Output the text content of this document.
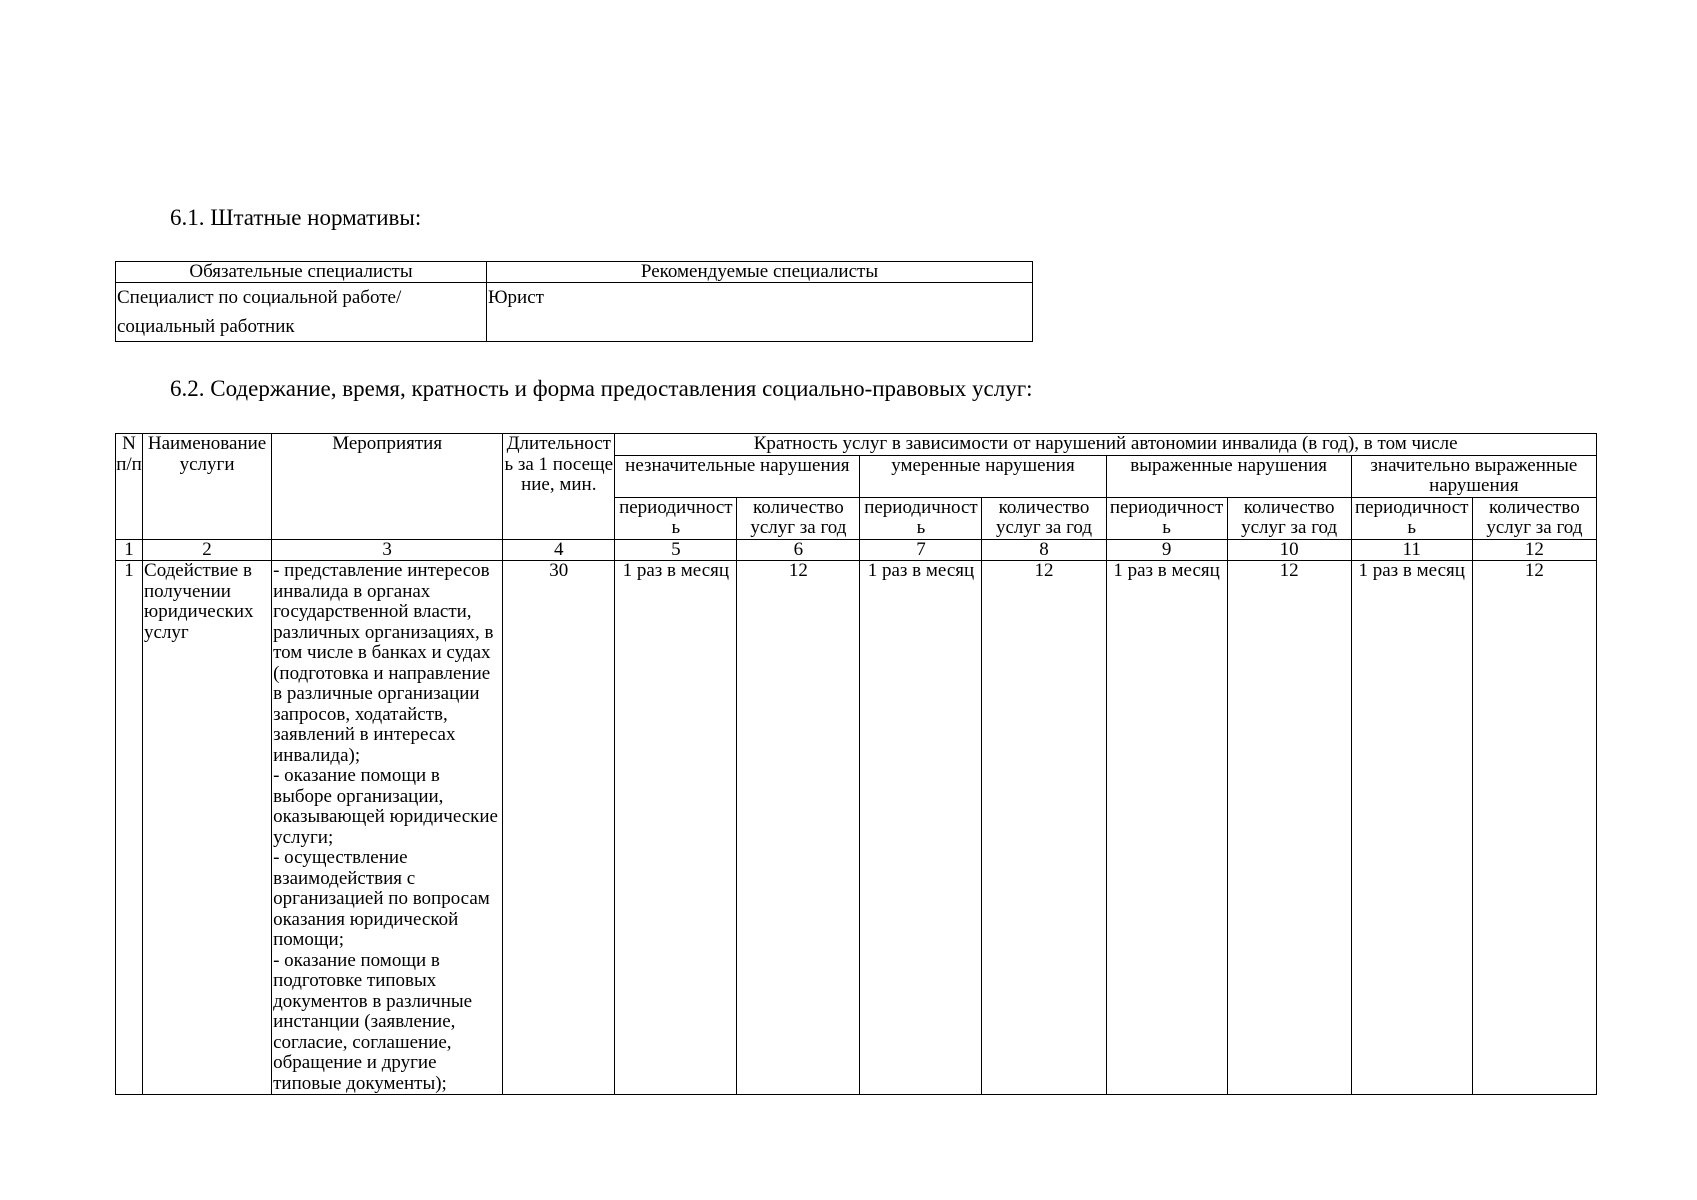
6.1. Штатные нормативы:
Обязательные специалисты	Рекомендуемые специалисты
Специалист по социальной работе/социальный работник	Юрист
6.2. Содержание, время, кратность и форма предоставления социально-правовых услуг:
N п/п	Наименование услуги	Мероприятия	Длительность за 1 посещение, мин.	Кратность услуг в зависимости от нарушений автономии инвалида (в год), в том числе							
				незначительные нарушения		умеренные нарушения		выраженные нарушения		значительно выраженные нарушения	
				периодичность	количество услуг за год	периодичность	количество услуг за год	периодичность	количество услуг за год	периодичность	количество услуг за год
1	2	3	4	5	6	7	8	9	10	11	12
1	Содействие в получении юридических услуг	- представление интересов инвалида в органах государственной власти, различных организациях, в том числе в банках и судах (подготовка и направление в различные организации запросов, ходатайств, заявлений в интересах инвалида);
- оказание помощи в выборе организации, оказывающей юридические услуги;
- осуществление взаимодействия с организацией по вопросам оказания юридической помощи;
- оказание помощи в подготовке типовых документов в различные инстанции (заявление, согласие, соглашение, обращение и другие типовые документы);	30	1 раз в месяц	12	1 раз в месяц	12	1 раз в месяц	12	1 раз в месяц	12
